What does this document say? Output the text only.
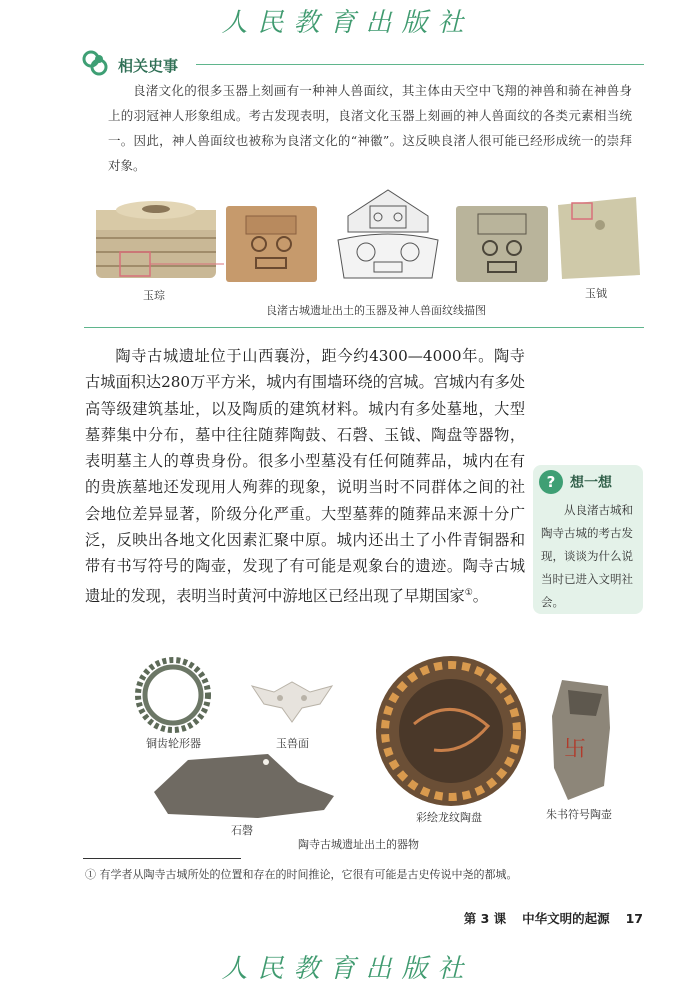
人民教育出版社
相关史事
良渚文化的很多玉器上刻画有一种神人兽面纹，其主体由天空中飞翔的神兽和骑在神兽身上的羽冠神人形象组成。考古发现表明，良渚文化玉器上刻画的神人兽面纹的各类元素相当统一。因此，神人兽面纹也被称为良渚文化的“神徽”。这反映良渚人很可能已经形成统一的崇拜对象。
玉琮	玉钺
良渚古城遗址出土的玉器及神人兽面纹线描图
陶寺古城遗址位于山西襄汾，距今约4300—4000年。陶寺古城面积达280万平方米，城内有围墙环绕的宫城。宫城内有多处高等级建筑基址，以及陶质的建筑材料。城内有多处墓地，大型墓葬集中分布，墓中往往随葬陶鼓、石磬、玉钺、陶盘等器物，表明墓主人的尊贵身份。很多小型墓没有任何随葬品，城内在有的贵族墓地还发现用人殉葬的现象，说明当时不同群体之间的社会地位差异显著，阶级分化严重。大型墓葬的随葬品来源十分广泛，反映出各地文化因素汇聚中原。城内还出土了小件青铜器和带有书写符号的陶壶，发现了有可能是观象台的遗迹。陶寺古城遗址的发现，表明当时黄河中游地区已经出现了早期国家①。
?	想一想
从良渚古城和陶寺古城的考古发现，谈谈为什么说当时已进入文明社会。
卐
铜齿轮形器	玉兽面
石磬
彩绘龙纹陶盘	朱书符号陶壶
陶寺古城遗址出土的器物
① 有学者从陶寺古城所处的位置和存在的时间推论，它很有可能是古史传说中尧的都城。
第 3 课 中华文明的起源 17
人民教育出版社
